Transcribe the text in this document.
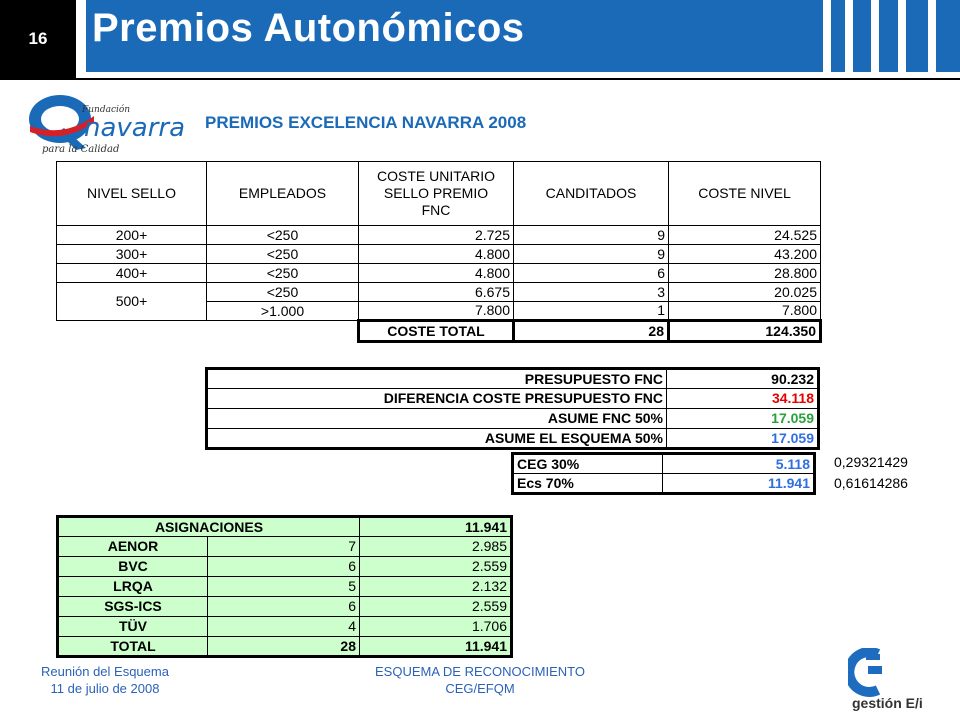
16	Premios Autonómicos
Fundación
navarra
para la Calidad
PREMIOS EXCELENCIA NAVARRA 2008
NIVEL SELLO	EMPLEADOS	COSTE UNITARIO
SELLO PREMIO
FNC	CANDITADOS	COSTE NIVEL
200+	<250	2.725	9	24.525
300+	<250	4.800	9	43.200
400+	<250	4.800	6	28.800
500+	<250	6.675	3	20.025
	>1.000	7.800	1	7.800
		COSTE TOTAL	28	124.350
PRESUPUESTO FNC	90.232
DIFERENCIA COSTE PRESUPUESTO FNC	34.118
ASUME FNC 50%	17.059
ASUME EL ESQUEMA 50%	17.059
CEG 30%	5.118
Ecs 70%	11.941
0,29321429
0,61614286
ASIGNACIONES		11.941
AENOR	7	2.985
BVC	6	2.559
LRQA	5	2.132
SGS-ICS	6	2.559
TÜV	4	1.706
TOTAL	28	11.941
Reunión del Esquema
11 de julio de 2008
ESQUEMA DE RECONOCIMIENTO
CEG/EFQM
gestión E/i
